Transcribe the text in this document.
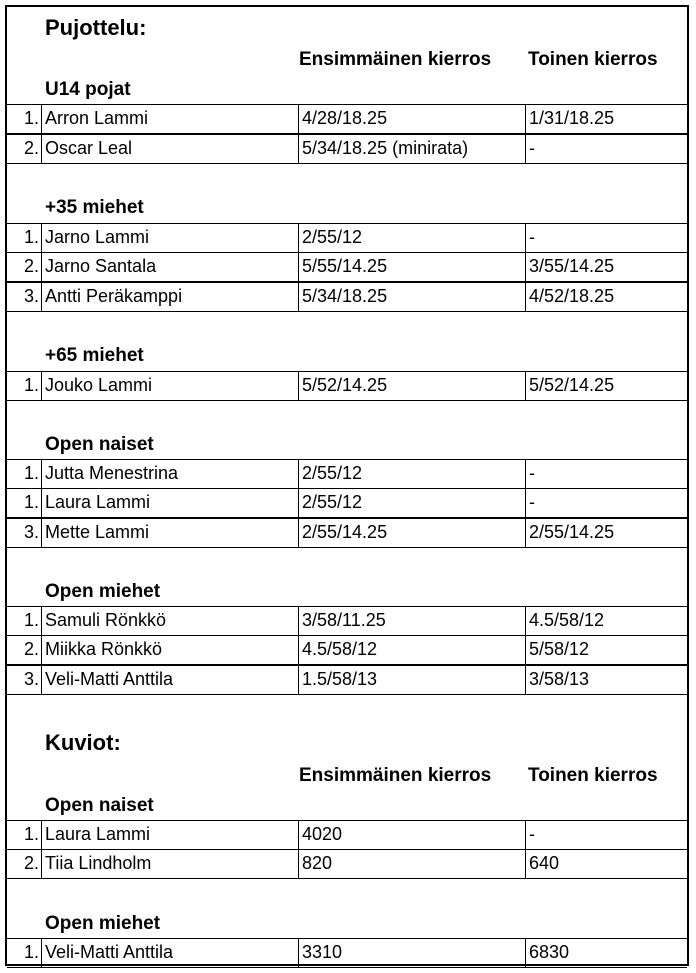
Pujottelu:
Ensimmäinen kierros Toinen kierros
U14 pojat
1. Arron Lammi	4/28/18.25	1/31/18.25
2. Oscar Leal	5/34/18.25 (minirata)	-
+35 miehet
1. Jarno Lammi	2/55/12	-
2. Jarno Santala	5/55/14.25	3/55/14.25
3. Antti Peräkamppi	5/34/18.25	4/52/18.25
+65 miehet
1. Jouko Lammi	5/52/14.25	5/52/14.25
Open naiset
1. Jutta Menestrina	2/55/12	-
1. Laura Lammi	2/55/12	-
3. Mette Lammi	2/55/14.25	2/55/14.25
Open miehet
1. Samuli Rönkkö	3/58/11.25	4.5/58/12
2. Miikka Rönkkö	4.5/58/12	5/58/12
3. Veli-Matti Anttila	1.5/58/13	3/58/13
Kuviot:
Ensimmäinen kierros Toinen kierros
Open naiset
1. Laura Lammi	4020	-
2. Tiia Lindholm	820	640
Open miehet
1. Veli-Matti Anttila	3310	6830
